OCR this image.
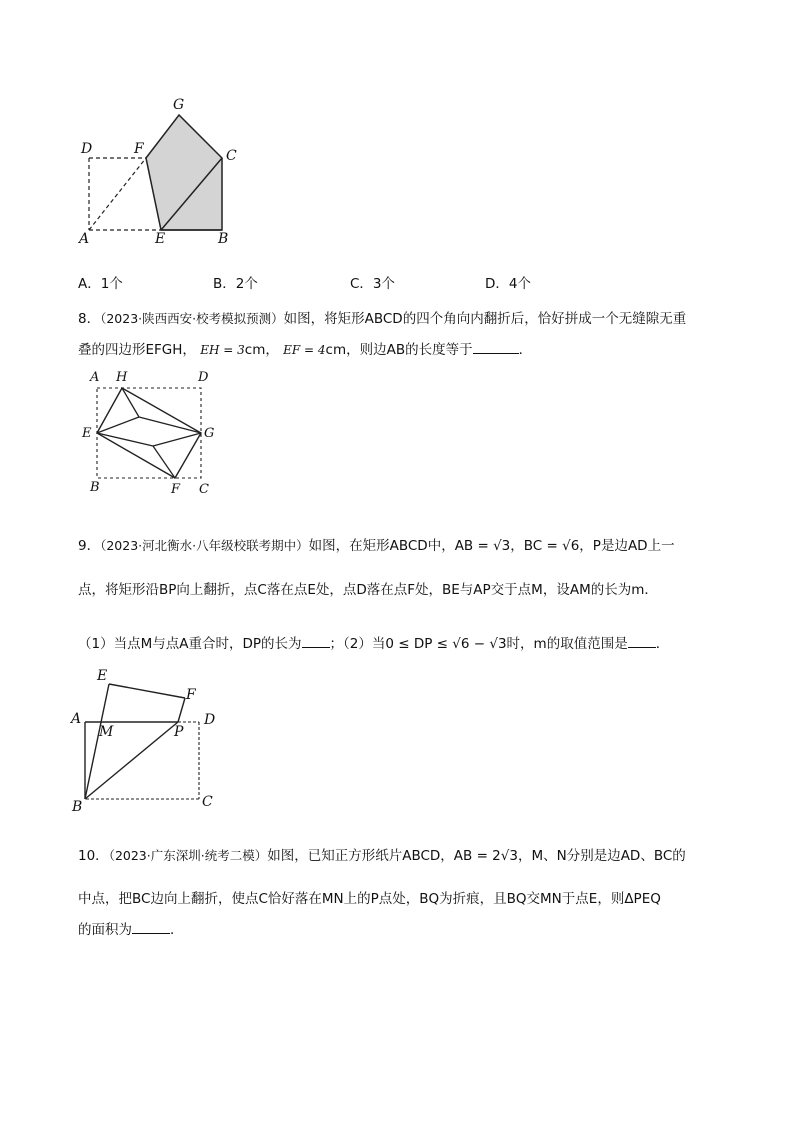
G
D	F	C
A	E	B
A．1个	B．2个	C．3个	D．4个
8．（2023·陕西西安·校考模拟预测）如图，将矩形ABCD的四个角向内翻折后，恰好拼成一个无缝隙无重
叠的四边形EFGH， EH = 3cm， EF = 4cm，则边AB的长度等于	．
A H	D
E	G
B	F C
9．（2023·河北衡水·八年级校联考期中）如图，在矩形ABCD中，AB = √3，BC = √6，P是边AD上一
点，将矩形沿BP向上翻折，点C落在点E处，点D落在点F处，BE与AP交于点M，设AM的长为m．
（1）当点M与点A重合时，DP的长为 ；（2）当0 ≤ DP ≤ √6 − √3时，m的取值范围是 ．
E
F
A
M	P
D
B	C
10．（2023·广东深圳·统考二模）如图，已知正方形纸片ABCD，AB = 2√3，M、N分别是边AD、BC的
中点，把BC边向上翻折，使点C恰好落在MN上的P点处，BQ为折痕，且BQ交MN于点E，则ΔPEQ
的面积为	．
